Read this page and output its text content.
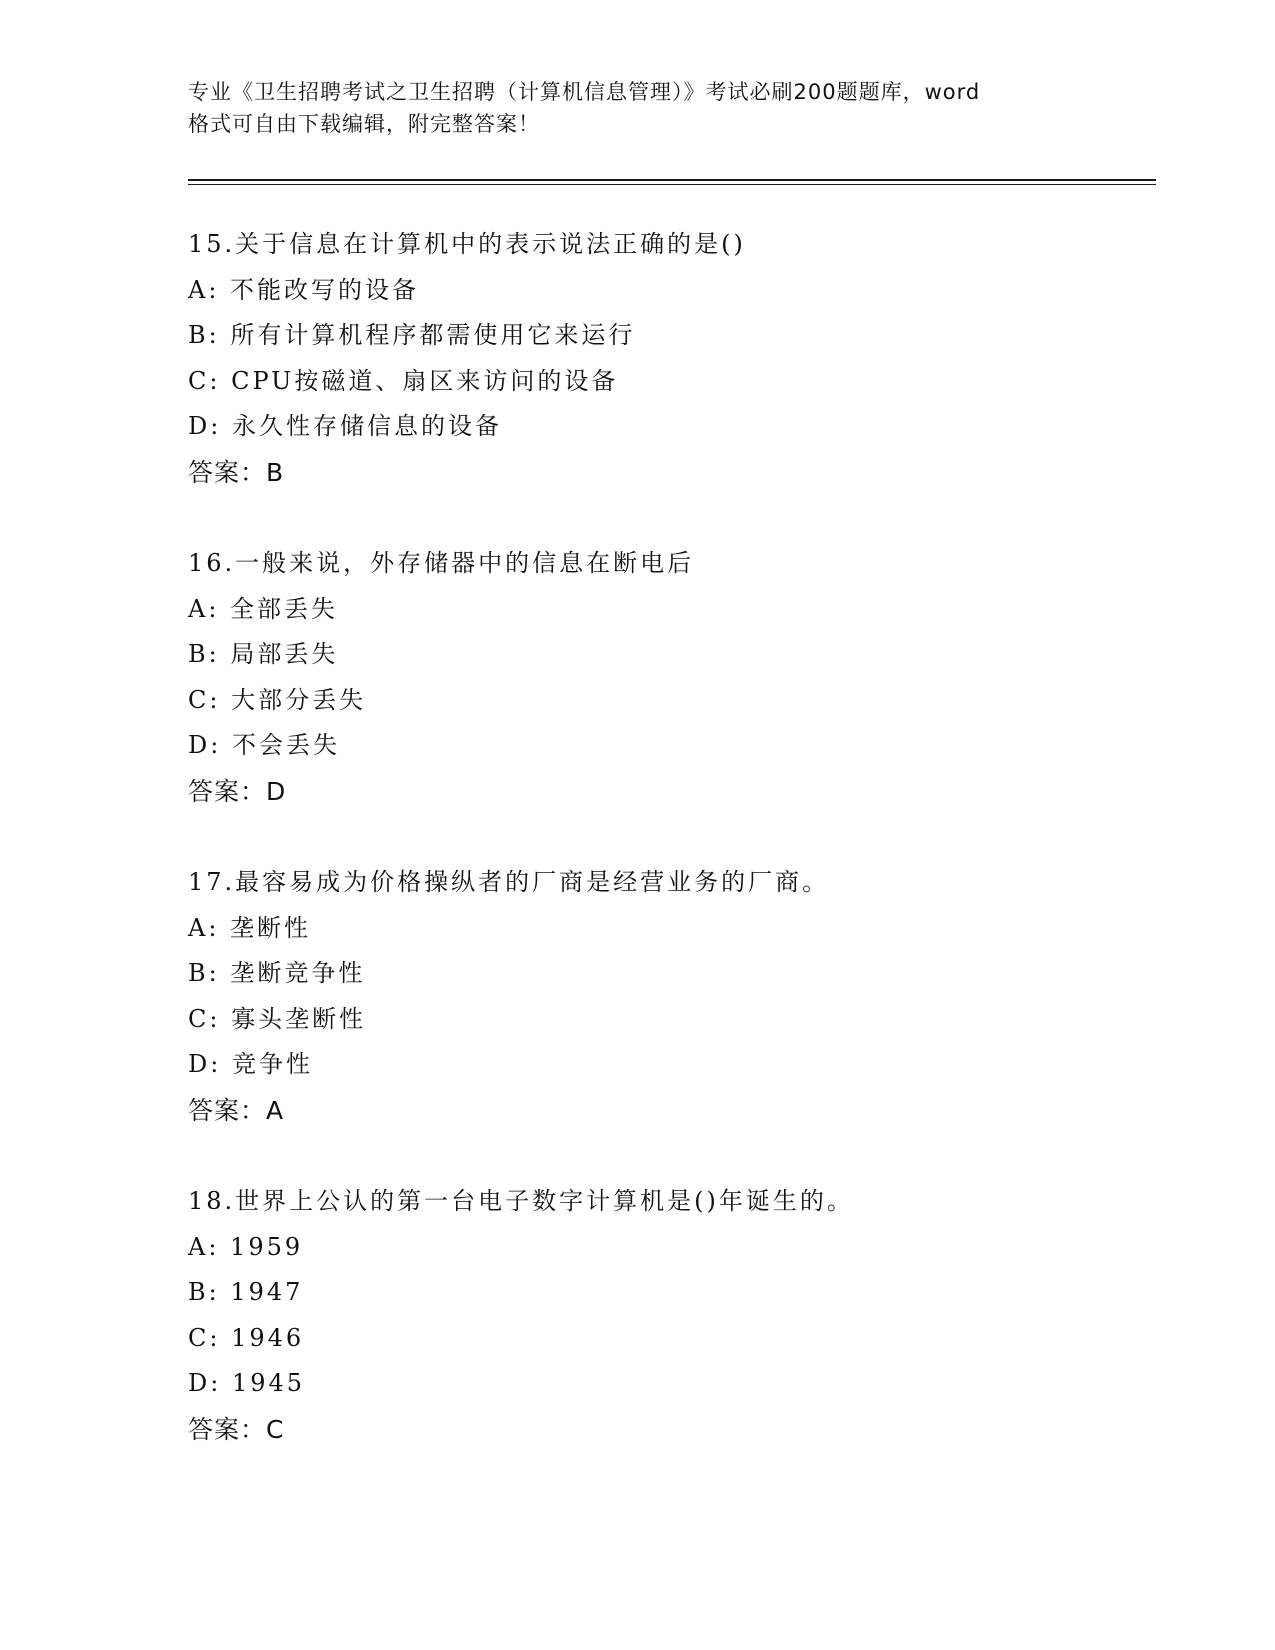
专业《卫生招聘考试之卫生招聘（计算机信息管理）》考试必刷200题题库，word
格式可自由下载编辑，附完整答案！
15.关于信息在计算机中的表示说法正确的是()
A: 不能改写的设备
B: 所有计算机程序都需使用它来运行
C: CPU按磁道、扇区来访问的设备
D: 永久性存储信息的设备
答案：B
16.一般来说，外存储器中的信息在断电后
A: 全部丢失
B: 局部丢失
C: 大部分丢失
D: 不会丢失
答案：D
17.最容易成为价格操纵者的厂商是经营业务的厂商。
A: 垄断性
B: 垄断竞争性
C: 寡头垄断性
D: 竞争性
答案：A
18.世界上公认的第一台电子数字计算机是()年诞生的。
A: 1959
B: 1947
C: 1946
D: 1945
答案：C
